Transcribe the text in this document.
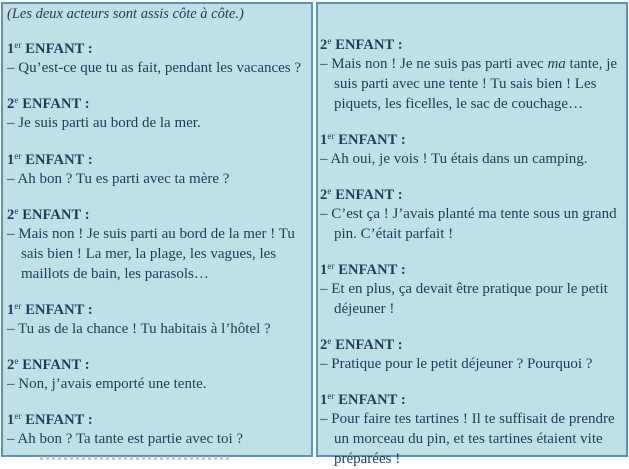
(Les deux acteurs sont assis côte à côte.)
1er ENFANT :
– Qu’est-ce que tu as fait, pendant les vacances ?
2e ENFANT :
– Je suis parti au bord de la mer.
1er ENFANT :
– Ah bon ? Tu es parti avec ta mère ?
2e ENFANT :
– Mais non ! Je suis parti au bord de la mer ! Tu sais bien ! La mer, la plage, les vagues, les maillots de bain, les parasols…
1er ENFANT :
– Tu as de la chance ! Tu habitais à l’hôtel ?
2e ENFANT :
– Non, j’avais emporté une tente.
1er ENFANT :
– Ah bon ? Ta tante est partie avec toi ?
2e ENFANT :
– Mais non ! Je ne suis pas parti avec ma tante, je suis parti avec une tente ! Tu sais bien ! Les piquets, les ficelles, le sac de couchage…
1er ENFANT :
– Ah oui, je vois ! Tu étais dans un camping.
2e ENFANT :
– C’est ça ! J’avais planté ma tente sous un grand pin. C’était parfait !
1er ENFANT :
– Et en plus, ça devait être pratique pour le petit déjeuner !
2e ENFANT :
– Pratique pour le petit déjeuner ? Pourquoi ?
1er ENFANT :
– Pour faire tes tartines ! Il te suffisait de prendre un morceau du pin, et tes tartines étaient vite préparées !
